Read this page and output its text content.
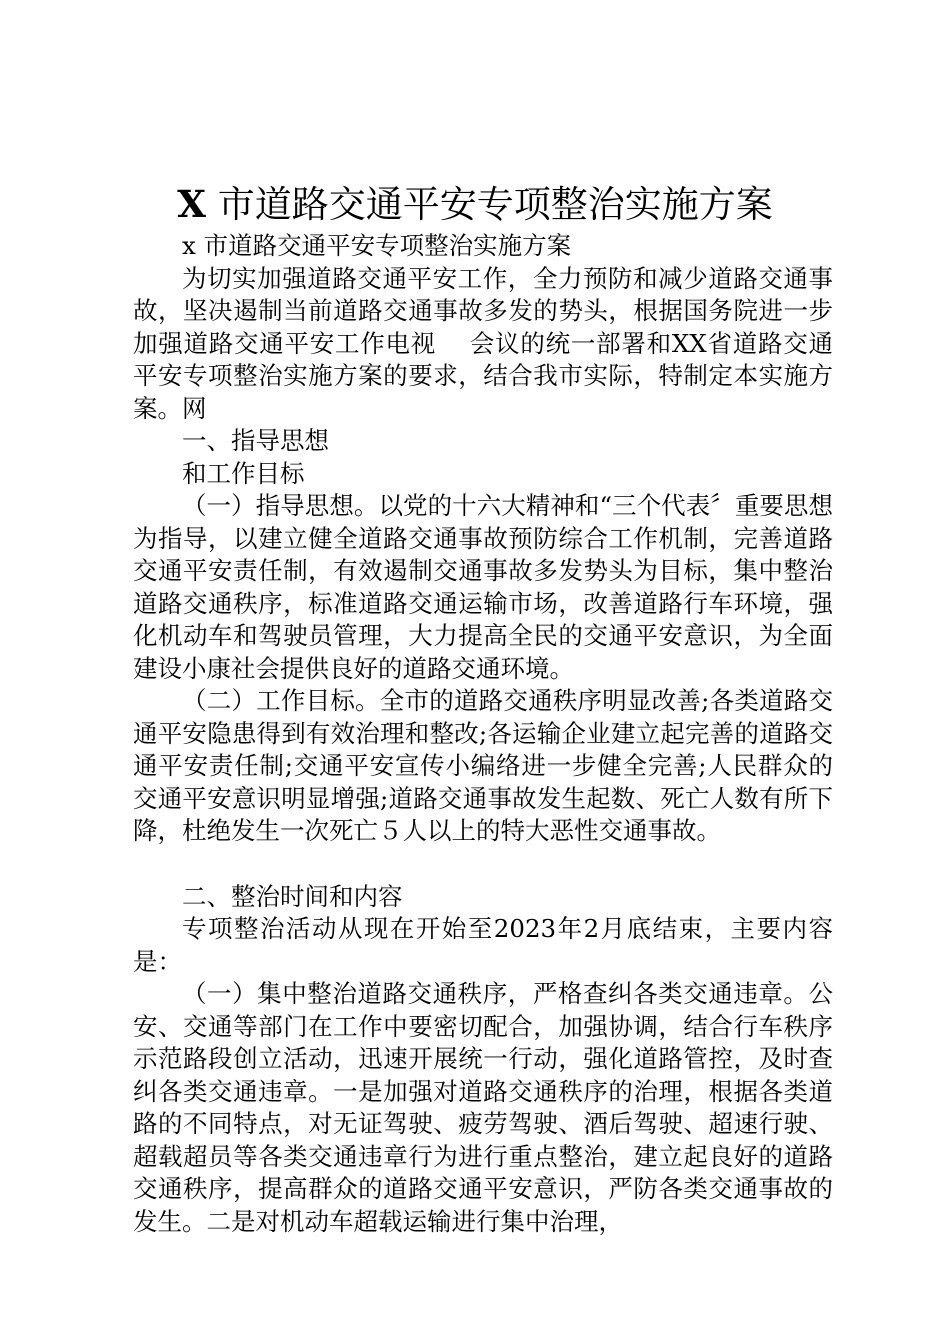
X 市道路交通平安专项整治实施方案

x 市道路交通平安专项整治实施方案

为切实加强道路交通平安工作，全力预防和减少道路交通事故，坚决遏制当前道路交通事故多发的势头，根据国务院进一步加强道路交通平安工作电视　 会议的统一部署和XX省道路交通平安专项整治实施方案的要求，结合我市实际，特制定本实施方案。网

一、指导思想

和工作目标

（一）指导思想。以党的十六大精神和“三个代表〞重要思想为指导，以建立健全道路交通事故预防综合工作机制，完善道路交通平安责任制，有效遏制交通事故多发势头为目标，集中整治道路交通秩序，标准道路交通运输市场，改善道路行车环境，强化机动车和驾驶员管理，大力提高全民的交通平安意识，为全面建设小康社会提供良好的道路交通环境。

（二）工作目标。全市的道路交通秩序明显改善;各类道路交通平安隐患得到有效治理和整改;各运输企业建立起完善的道路交通平安责任制;交通平安宣传小编络进一步健全完善;人民群众的交通平安意识明显增强;道路交通事故发生起数、死亡人数有所下降，杜绝发生一次死亡５人以上的特大恶性交通事故。

二、整治时间和内容

专项整治活动从现在开始至2023年2月底结束，主要内容是：

（一）集中整治道路交通秩序，严格查纠各类交通违章。公安、交通等部门在工作中要密切配合，加强协调，结合行车秩序示范路段创立活动，迅速开展统一行动，强化道路管控，及时查纠各类交通违章。一是加强对道路交通秩序的治理，根据各类道路的不同特点，对无证驾驶、疲劳驾驶、酒后驾驶、超速行驶、超载超员等各类交通违章行为进行重点整治，建立起良好的道路交通秩序，提高群众的道路交通平安意识，严防各类交通事故的发生。二是对机动车超载运输进行集中治理，
